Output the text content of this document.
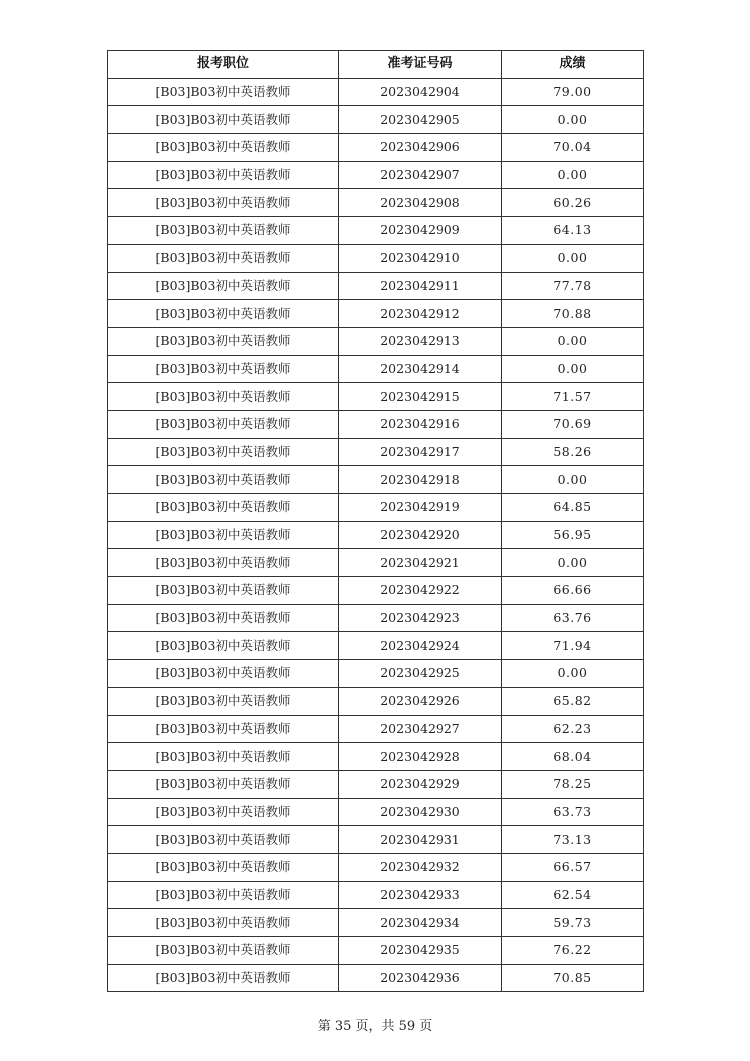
报考职位	准考证号码	成绩
[B03]B03初中英语教师	2023042904	79.00
[B03]B03初中英语教师	2023042905	0.00
[B03]B03初中英语教师	2023042906	70.04
[B03]B03初中英语教师	2023042907	0.00
[B03]B03初中英语教师	2023042908	60.26
[B03]B03初中英语教师	2023042909	64.13
[B03]B03初中英语教师	2023042910	0.00
[B03]B03初中英语教师	2023042911	77.78
[B03]B03初中英语教师	2023042912	70.88
[B03]B03初中英语教师	2023042913	0.00
[B03]B03初中英语教师	2023042914	0.00
[B03]B03初中英语教师	2023042915	71.57
[B03]B03初中英语教师	2023042916	70.69
[B03]B03初中英语教师	2023042917	58.26
[B03]B03初中英语教师	2023042918	0.00
[B03]B03初中英语教师	2023042919	64.85
[B03]B03初中英语教师	2023042920	56.95
[B03]B03初中英语教师	2023042921	0.00
[B03]B03初中英语教师	2023042922	66.66
[B03]B03初中英语教师	2023042923	63.76
[B03]B03初中英语教师	2023042924	71.94
[B03]B03初中英语教师	2023042925	0.00
[B03]B03初中英语教师	2023042926	65.82
[B03]B03初中英语教师	2023042927	62.23
[B03]B03初中英语教师	2023042928	68.04
[B03]B03初中英语教师	2023042929	78.25
[B03]B03初中英语教师	2023042930	63.73
[B03]B03初中英语教师	2023042931	73.13
[B03]B03初中英语教师	2023042932	66.57
[B03]B03初中英语教师	2023042933	62.54
[B03]B03初中英语教师	2023042934	59.73
[B03]B03初中英语教师	2023042935	76.22
[B03]B03初中英语教师	2023042936	70.85
第 35 页，共 59 页
